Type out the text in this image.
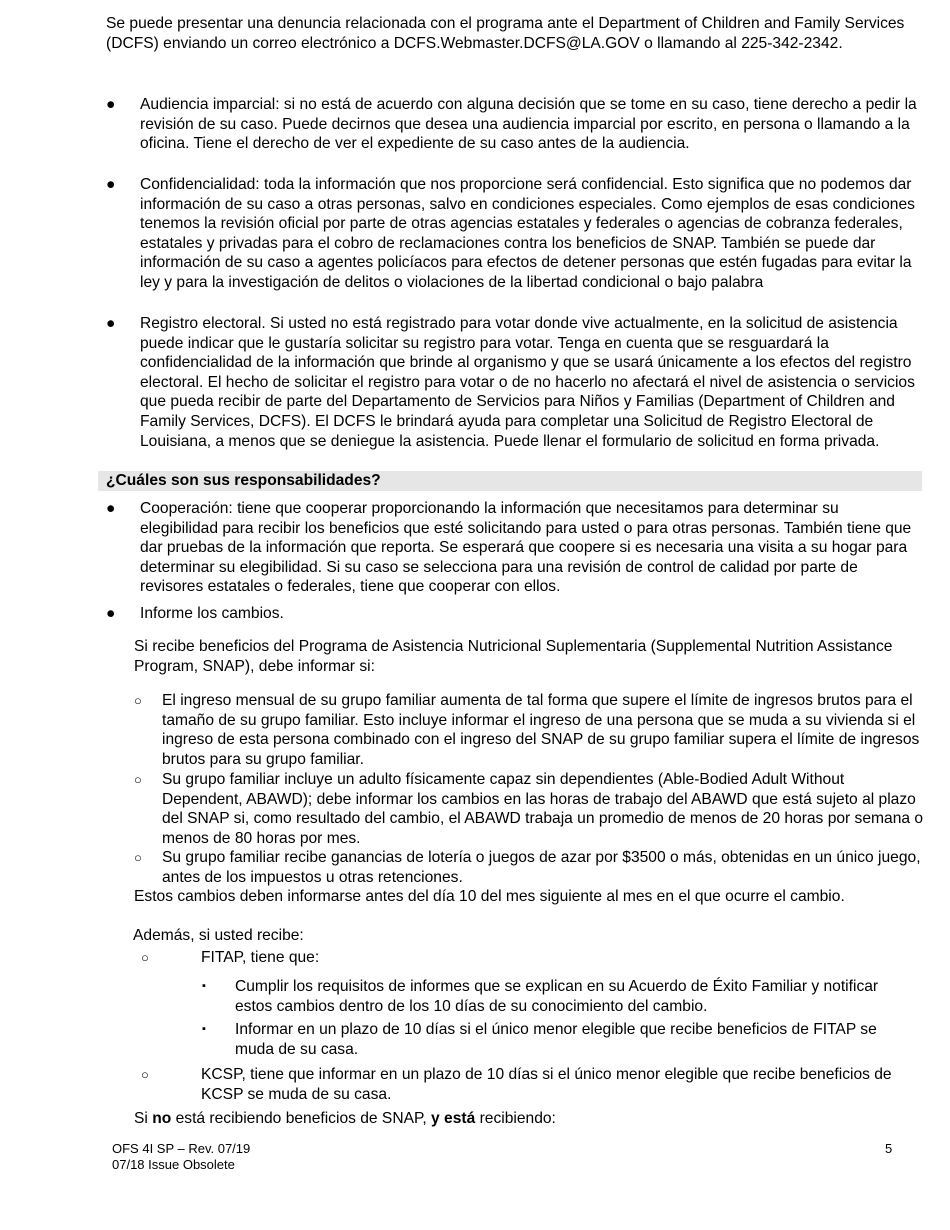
Se puede presentar una denuncia relacionada con el programa ante el Department of Children and Family Services (DCFS) enviando un correo electrónico a DCFS.Webmaster.DCFS@LA.GOV o llamando al 225-342-2342.
●	Audiencia imparcial: si no está de acuerdo con alguna decisión que se tome en su caso, tiene derecho a pedir la revisión de su caso. Puede decirnos que desea una audiencia imparcial por escrito, en persona o llamando a la oficina. Tiene el derecho de ver el expediente de su caso antes de la audiencia.
●	Confidencialidad: toda la información que nos proporcione será confidencial. Esto significa que no podemos dar información de su caso a otras personas, salvo en condiciones especiales. Como ejemplos de esas condiciones tenemos la revisión oficial por parte de otras agencias estatales y federales o agencias de cobranza federales, estatales y privadas para el cobro de reclamaciones contra los beneficios de SNAP. También se puede dar información de su caso a agentes policíacos para efectos de detener personas que estén fugadas para evitar la ley y para la investigación de delitos o violaciones de la libertad condicional o bajo palabra
●	Registro electoral. Si usted no está registrado para votar donde vive actualmente, en la solicitud de asistencia puede indicar que le gustaría solicitar su registro para votar. Tenga en cuenta que se resguardará la confidencialidad de la información que brinde al organismo y que se usará únicamente a los efectos del registro electoral. El hecho de solicitar el registro para votar o de no hacerlo no afectará el nivel de asistencia o servicios que pueda recibir de parte del Departamento de Servicios para Niños y Familias (Department of Children and Family Services, DCFS). El DCFS le brindará ayuda para completar una Solicitud de Registro Electoral de Louisiana, a menos que se deniegue la asistencia. Puede llenar el formulario de solicitud en forma privada.
¿Cuáles son sus responsabilidades?
●	Cooperación: tiene que cooperar proporcionando la información que necesitamos para determinar su elegibilidad para recibir los beneficios que esté solicitando para usted o para otras personas. También tiene que dar pruebas de la información que reporta. Se esperará que coopere si es necesaria una visita a su hogar para determinar su elegibilidad. Si su caso se selecciona para una revisión de control de calidad por parte de revisores estatales o federales, tiene que cooperar con ellos.
●	Informe los cambios.
Si recibe beneficios del Programa de Asistencia Nutricional Suplementaria (Supplemental Nutrition Assistance Program, SNAP), debe informar si:
○ El ingreso mensual de su grupo familiar aumenta de tal forma que supere el límite de ingresos brutos para el tamaño de su grupo familiar. Esto incluye informar el ingreso de una persona que se muda a su vivienda si el ingreso de esta persona combinado con el ingreso del SNAP de su grupo familiar supera el límite de ingresos brutos para su grupo familiar.
○ Su grupo familiar incluye un adulto físicamente capaz sin dependientes (Able-Bodied Adult Without Dependent, ABAWD); debe informar los cambios en las horas de trabajo del ABAWD que está sujeto al plazo del SNAP si, como resultado del cambio, el ABAWD trabaja un promedio de menos de 20 horas por semana o menos de 80 horas por mes.
○ Su grupo familiar recibe ganancias de lotería o juegos de azar por $3500 o más, obtenidas en un único juego, antes de los impuestos u otras retenciones.
Estos cambios deben informarse antes del día 10 del mes siguiente al mes en el que ocurre el cambio.
Además, si usted recibe:
○	FITAP, tiene que:
▪ Cumplir los requisitos de informes que se explican en su Acuerdo de Éxito Familiar y notificar estos cambios dentro de los 10 días de su conocimiento del cambio.
▪ Informar en un plazo de 10 días si el único menor elegible que recibe beneficios de FITAP se muda de su casa.
○	KCSP, tiene que informar en un plazo de 10 días si el único menor elegible que recibe beneficios de KCSP se muda de su casa.
Si no está recibiendo beneficios de SNAP, y está recibiendo:
OFS 4I SP – Rev. 07/19
07/18 Issue Obsolete
5
